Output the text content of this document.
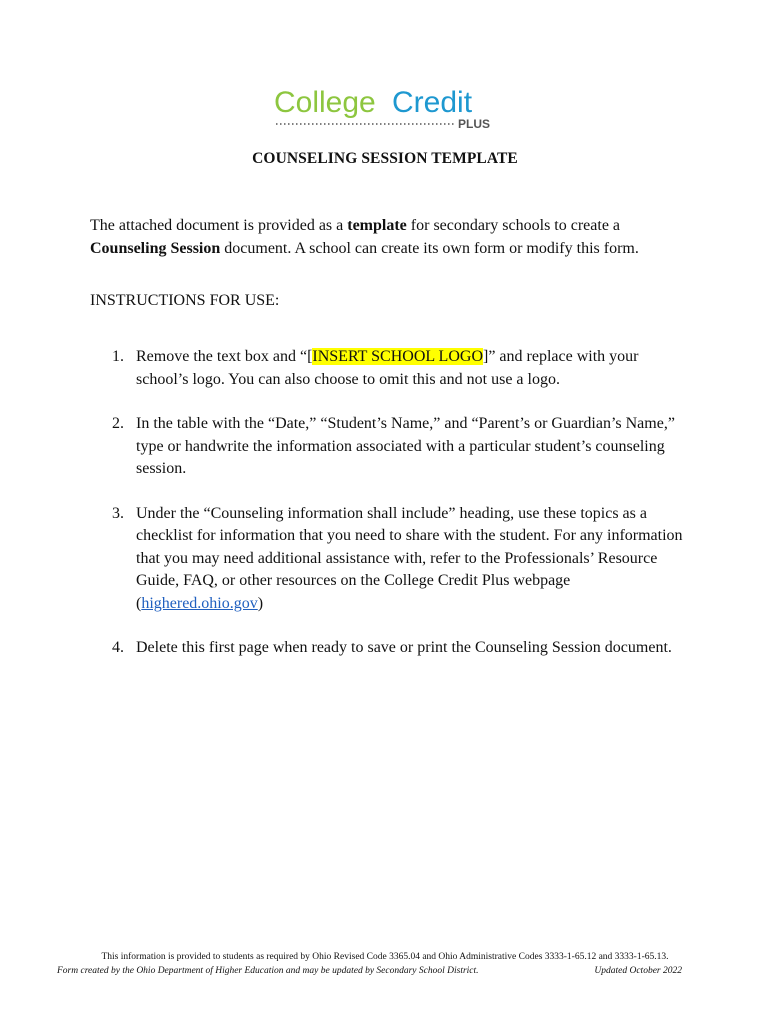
College Credit
PLUS
COUNSELING SESSION TEMPLATE

The attached document is provided as a template for secondary schools to create a Counseling Session document. A school can create its own form or modify this form.

INSTRUCTIONS FOR USE:
1. Remove the text box and “[INSERT SCHOOL LOGO]” and replace with your school’s logo. You can also choose to omit this and not use a logo.
2. In the table with the “Date,” “Student’s Name,” and “Parent’s or Guardian’s Name,” type or handwrite the information associated with a particular student’s counseling session.
3. Under the “Counseling information shall include” heading, use these topics as a checklist for information that you need to share with the student. For any information that you may need additional assistance with, refer to the Professionals’ Resource Guide, FAQ, or other resources on the College Credit Plus webpage (highered.ohio.gov)
4. Delete this first page when ready to save or print the Counseling Session document.
This information is provided to students as required by Ohio Revised Code 3365.04 and Ohio Administrative Codes 3333-1-65.12 and 3333-1-65.13.
Form created by the Ohio Department of Higher Education and may be updated by Secondary School District.	Updated October 2022
